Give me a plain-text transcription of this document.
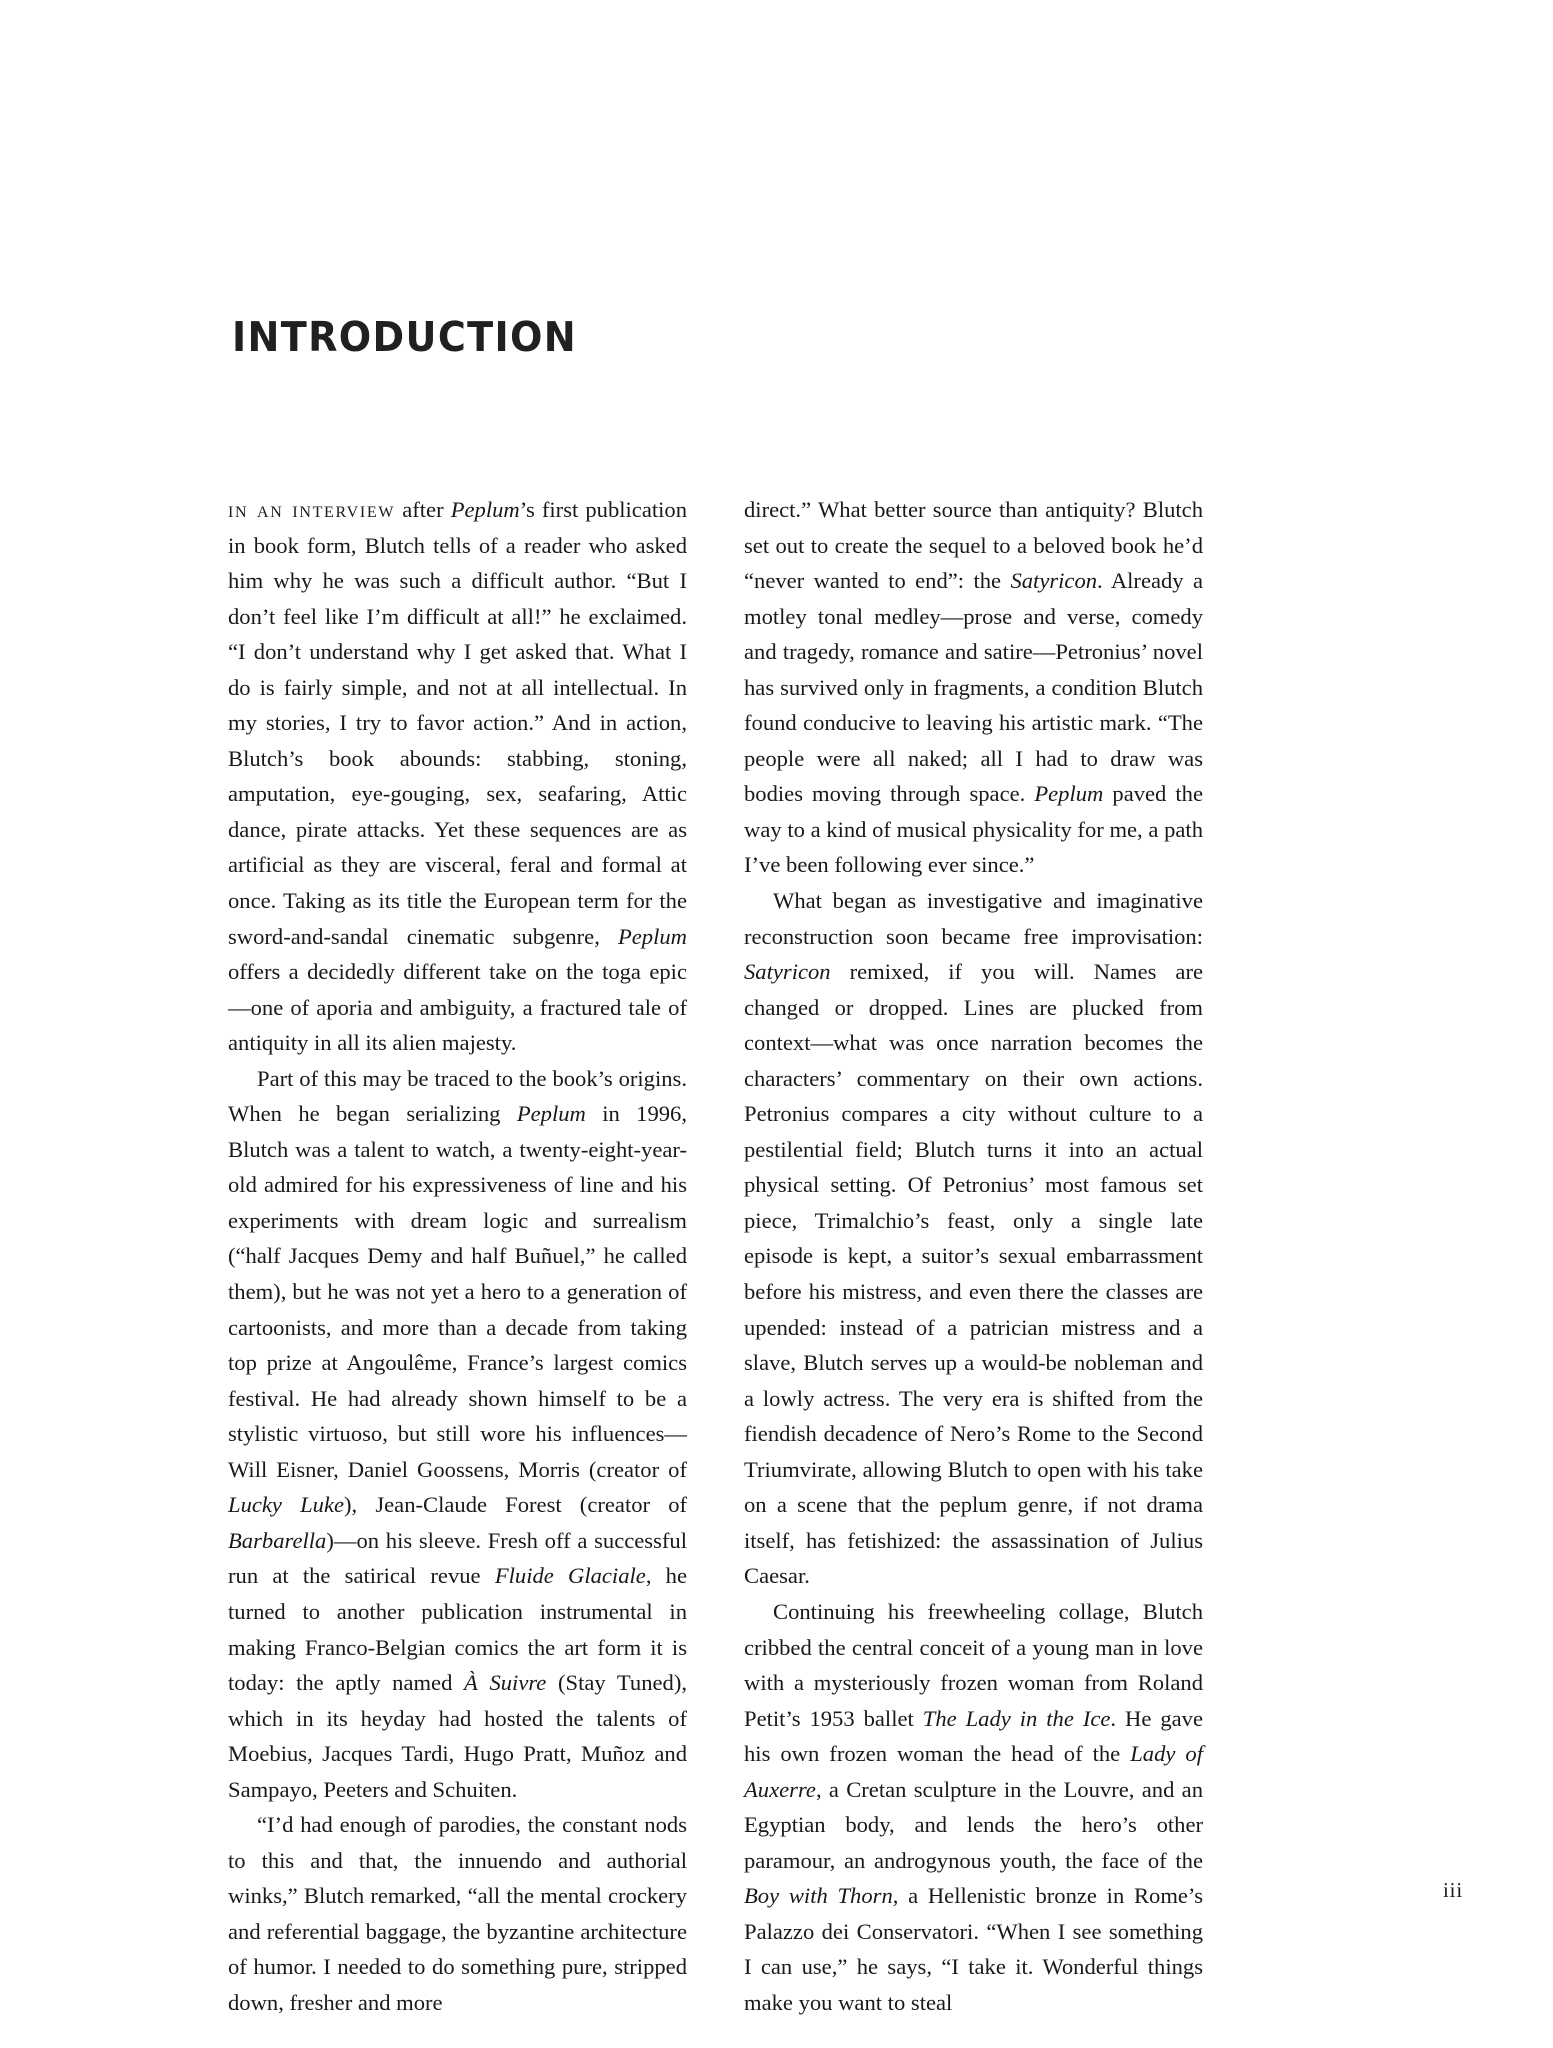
INTRODUCTION

in an interview after Peplum’s first publication in book form, Blutch tells of a reader who asked him why he was such a difficult author. “But I don’t feel like I’m difficult at all!” he exclaimed. “I don’t understand why I get asked that. What I do is fairly simple, and not at all intellectual. In my stories, I try to favor action.” And in action, Blutch’s book abounds: stabbing, stoning, amputation, eye-gouging, sex, seafaring, Attic dance, pirate attacks. Yet these sequences are as artificial as they are visceral, feral and formal at once. Taking as its title the European term for the sword-and-sandal cinematic subgenre, Peplum offers a decidedly different take on the toga epic—one of aporia and ambiguity, a fractured tale of antiquity in all its alien majesty.

Part of this may be traced to the book’s origins. When he began serializing Peplum in 1996, Blutch was a talent to watch, a twenty-eight-year-old admired for his expressiveness of line and his experiments with dream logic and surrealism (“half Jacques Demy and half Buñuel,” he called them), but he was not yet a hero to a generation of cartoonists, and more than a decade from taking top prize at Angoulême, France’s largest comics festival. He had already shown himself to be a stylistic virtuoso, but still wore his influences—Will Eisner, Daniel Goossens, Morris (creator of Lucky Luke), Jean-Claude Forest (creator of Barbarella)—on his sleeve. Fresh off a successful run at the satirical revue Fluide Glaciale, he turned to another publication instrumental in making Franco-Belgian comics the art form it is today: the aptly named À Suivre (Stay Tuned), which in its heyday had hosted the talents of Moebius, Jacques Tardi, Hugo Pratt, Muñoz and Sampayo, Peeters and Schuiten.

“I’d had enough of parodies, the constant nods to this and that, the innuendo and authorial winks,” Blutch remarked, “all the mental crockery and referential baggage, the byzantine architecture of humor. I needed to do something pure, stripped down, fresher and more

direct.” What better source than antiquity? Blutch set out to create the sequel to a beloved book he’d “never wanted to end”: the Satyricon. Already a motley tonal medley—prose and verse, comedy and tragedy, romance and satire—Petronius’ novel has survived only in fragments, a condition Blutch found conducive to leaving his artistic mark. “The people were all naked; all I had to draw was bodies moving through space. Peplum paved the way to a kind of musical physicality for me, a path I’ve been following ever since.”

What began as investigative and imaginative reconstruction soon became free improvisation: Satyricon remixed, if you will. Names are changed or dropped. Lines are plucked from context—what was once narration becomes the characters’ commentary on their own actions. Petronius compares a city without culture to a pestilential field; Blutch turns it into an actual physical setting. Of Petronius’ most famous set piece, Trimalchio’s feast, only a single late episode is kept, a suitor’s sexual embarrassment before his mistress, and even there the classes are upended: instead of a patrician mistress and a slave, Blutch serves up a would-be nobleman and a lowly actress. The very era is shifted from the fiendish decadence of Nero’s Rome to the Second Triumvirate, allowing Blutch to open with his take on a scene that the peplum genre, if not drama itself, has fetishized: the assassination of Julius Caesar.

Continuing his freewheeling collage, Blutch cribbed the central conceit of a young man in love with a mysteriously frozen woman from Roland Petit’s 1953 ballet The Lady in the Ice. He gave his own frozen woman the head of the Lady of Auxerre, a Cretan sculpture in the Louvre, and an Egyptian body, and lends the hero’s other paramour, an androgynous youth, the face of the Boy with Thorn, a Hellenistic bronze in Rome’s Palazzo dei Conservatori. “When I see something I can use,” he says, “I take it. Wonderful things make you want to steal

iii
